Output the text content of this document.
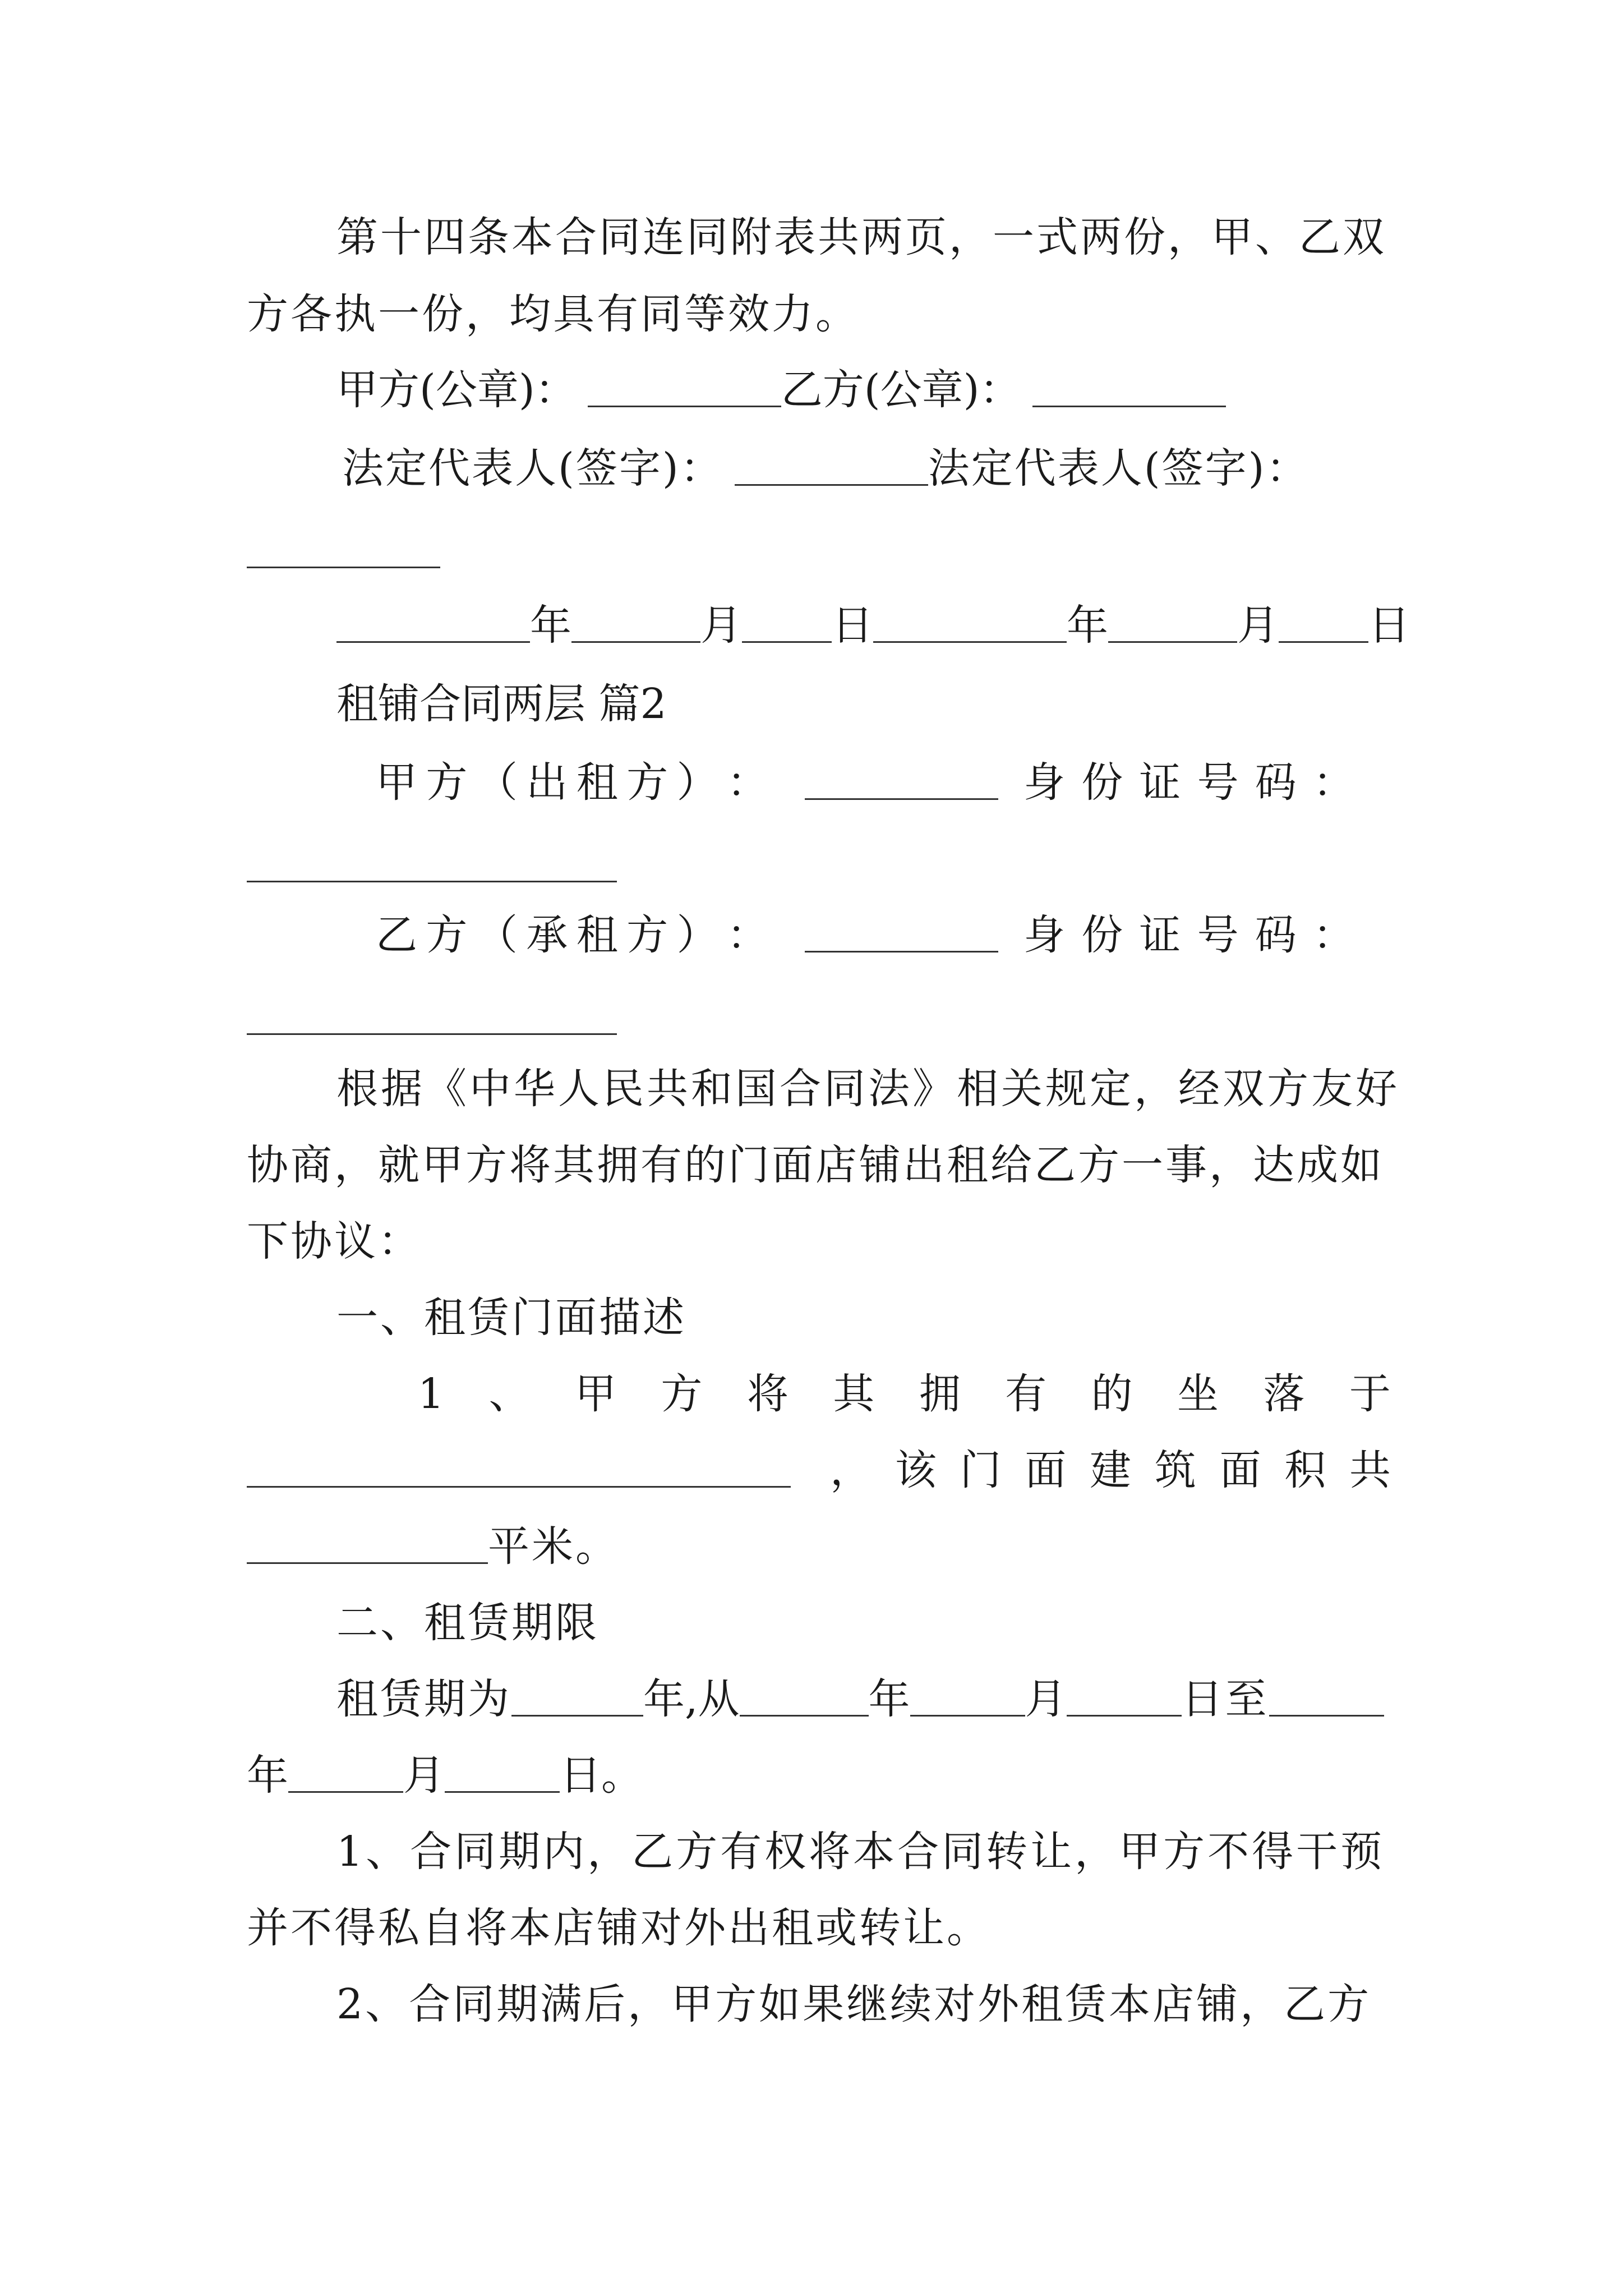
第十四条本合同连同附表共两页，一式两份，甲、乙双
方各执一份，均具有同等效力。
甲方(公章)：	乙方(公章)：
法定代表人(签字)：	法定代表人(签字)：
年	月 日	年	月 日
租铺合同两层 篇2
甲 方 （ 出 租 方 ） ：	身 份 证 号 码 ：
乙 方 （ 承 租 方 ） ：	身 份 证 号 码 ：
根据《中华人民共和国合同法》相关规定，经双方友好
协商，就甲方将其拥有的门面店铺出租给乙方一事，达成如
下协议：
一、租赁门面描述
1 、 甲 方 将 其 拥 有 的 坐 落 于
， 该 门 面 建 筑 面 积 共
平米。
二、租赁期限
租赁期为	年,从	年	月	日至
年	月	日。
1、合同期内，乙方有权将本合同转让，甲方不得干预
并不得私自将本店铺对外出租或转让。
2、合同期满后，甲方如果继续对外租赁本店铺，乙方
